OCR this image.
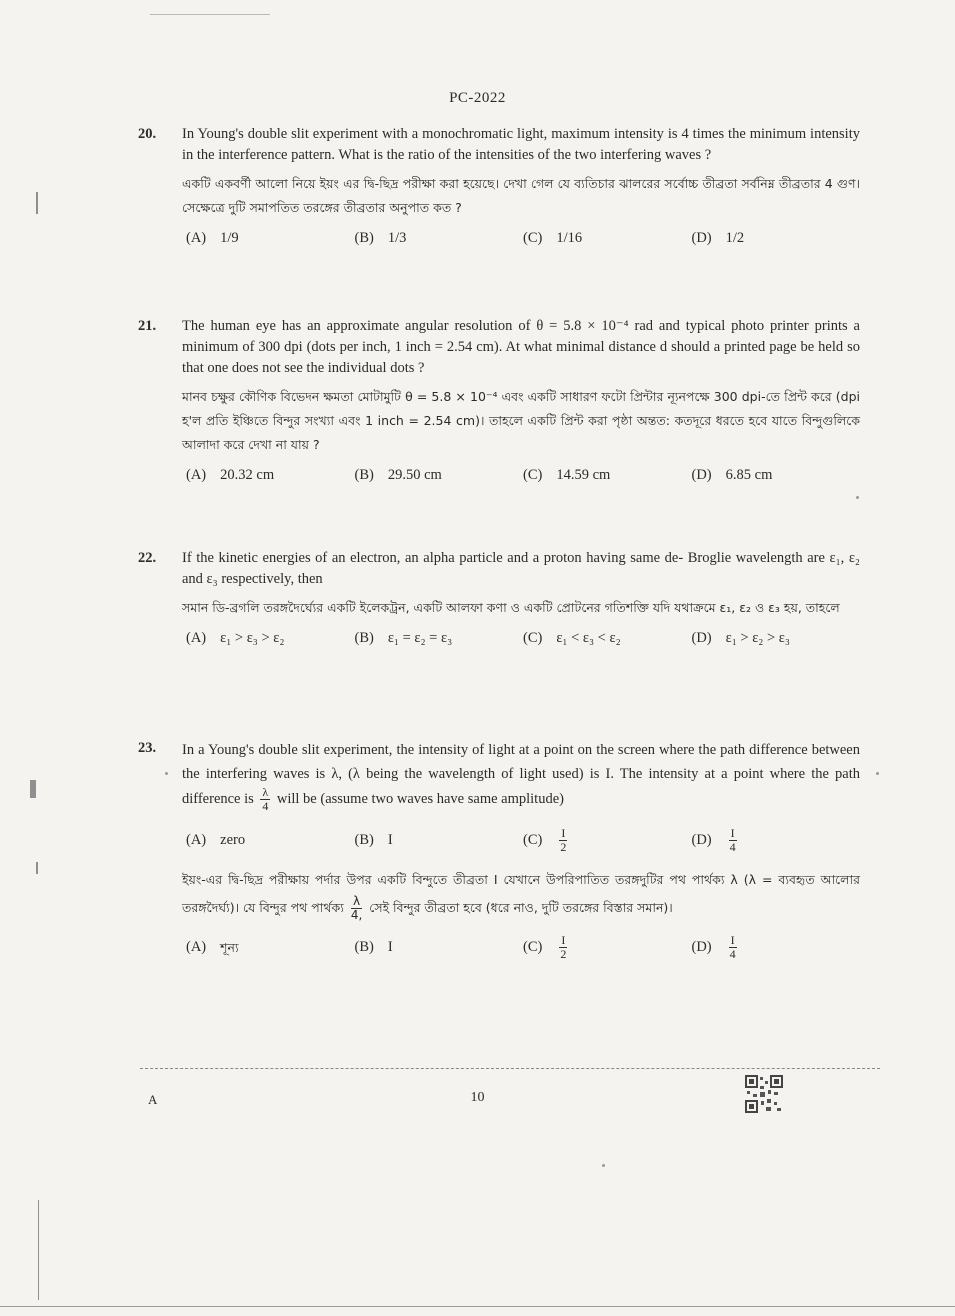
PC-2022
20. In Young's double slit experiment with a monochromatic light, maximum intensity is 4 times the minimum intensity in the interference pattern. What is the ratio of the intensities of the two interfering waves ?
একটি একবর্ণী আলো নিয়ে ইয়ং এর দ্বি-ছিদ্র পরীক্ষা করা হয়েছে। দেখা গেল যে ব্যতিচার ঝালরের সর্বোচ্চ তীব্রতা সর্বনিম্ন তীব্রতার 4 গুণ। সেক্ষেত্রে দুটি সমাপতিত তরঙ্গের তীব্রতার অনুপাত কত ?
(A) 1/9	(B) 1/3	(C) 1/16	(D) 1/2
21. The human eye has an approximate angular resolution of θ = 5.8 × 10⁻⁴ rad and typical photo printer prints a minimum of 300 dpi (dots per inch, 1 inch = 2.54 cm). At what minimal distance d should a printed page be held so that one does not see the individual dots ?
মানব চক্ষুর কৌণিক বিভেদন ক্ষমতা মোটামুটি θ = 5.8 × 10⁻⁴ এবং একটি সাধারণ ফটো প্রিন্টার ন্যূনপক্ষে 300 dpi-তে প্রিন্ট করে (dpi হ'ল প্রতি ইঞ্চিতে বিন্দুর সংখ্যা এবং 1 inch = 2.54 cm)। তাহলে একটি প্রিন্ট করা পৃষ্ঠা অন্তত: কতদূরে ধরতে হবে যাতে বিন্দুগুলিকে আলাদা করে দেখা না যায় ?
(A) 20.32 cm	(B) 29.50 cm	(C) 14.59 cm	(D) 6.85 cm
22. If the kinetic energies of an electron, an alpha particle and a proton having same de- Broglie wavelength are ε₁, ε₂ and ε₃ respectively, then
সমান ডি-ব্রগলি তরঙ্গদৈর্ঘ্যের একটি ইলেকট্রন, একটি আলফা কণা ও একটি প্রোটনের গতিশক্তি যদি যথাক্রমে ε₁, ε₂ ও ε₃ হয়, তাহলে
(A) ε₁ > ε₃ > ε₂	(B) ε₁ = ε₂ = ε₃	(C) ε₁ < ε₃ < ε₂	(D) ε₁ > ε₂ > ε₃
23. In a Young's double slit experiment, the intensity of light at a point on the screen where the path difference between the interfering waves is λ, (λ being the wavelength of light used) is I. The intensity at a point where the path difference is $\frac{\lambda}{4}$ will be (assume two waves have same amplitude)
(A) zero	(B) I	$(C) \frac{I}{2}$	$(D) \frac{I}{4}$
ইয়ং-এর দ্বি-ছিদ্র পরীক্ষায় পর্দার উপর একটি বিন্দুতে তীব্রতা I যেখানে উপরিপাতিত তরঙ্গদুটির পথ পার্থক্য λ (λ = ব্যবহৃত আলোর তরঙ্গদৈর্ঘ্য)। যে বিন্দুর পথ পার্থক্য $\frac{\lambda}{4,}$ সেই বিন্দুর তীব্রতা হবে (ধরে নাও, দুটি তরঙ্গের বিস্তার সমান)।
(A) শূন্য	(B) I	$(C) \frac{I}{2}$	$(D) \frac{I}{4}$
A	10
